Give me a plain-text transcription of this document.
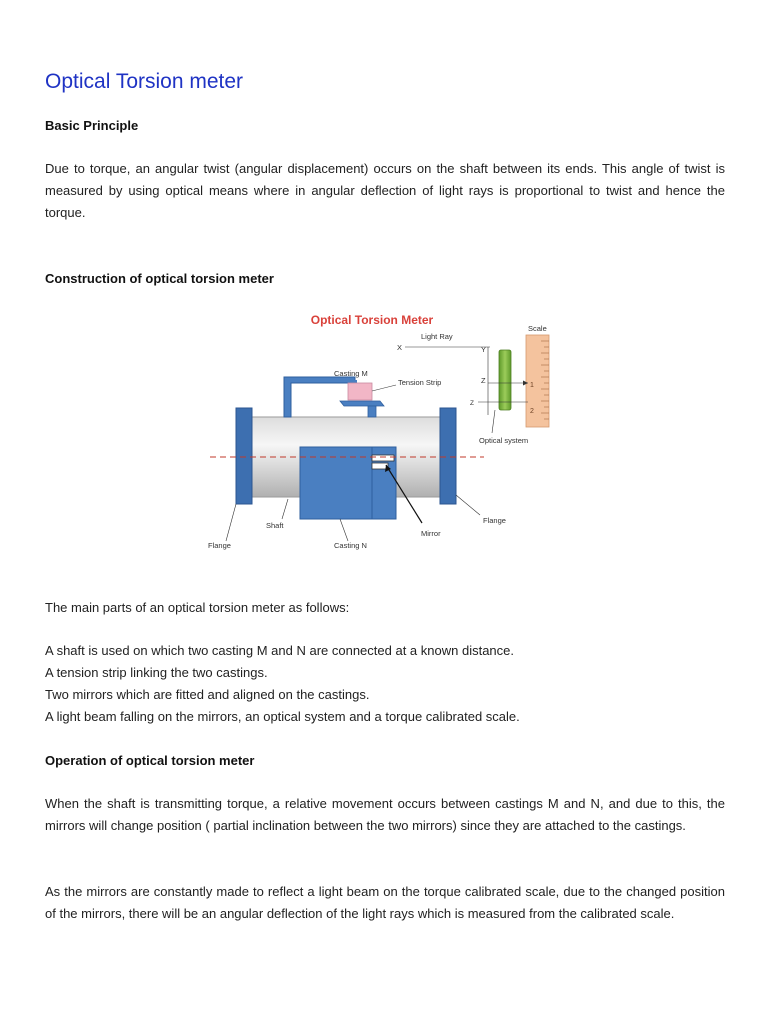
Optical Torsion meter
Basic Principle

Due to torque, an angular twist (angular displacement) occurs on the shaft between its ends. This angle of twist is measured by using optical means where in angular deflection of light rays is proportional to twist and hence the torque.

Construction of optical torsion meter
Optical Torsion Meter
1
2
Light Ray
X	Y
Z
Z
Scale
Casting M
Tension Strip
Optical system
Flange
Shaft
Flange	Casting N
Mirror

The main parts of an optical torsion meter as follows:

A shaft is used on which two casting M and N are connected at a known distance.

A tension strip linking the two castings.

Two mirrors which are fitted and aligned on the castings.

A light beam falling on the mirrors, an optical system and a torque calibrated scale.

Operation of optical torsion meter

When the shaft is transmitting torque, a relative movement occurs between castings M and N, and due to this, the mirrors will change position ( partial inclination between the two mirrors) since they are attached to the castings.

As the mirrors are constantly made to reflect a light beam on the torque calibrated scale, due to the changed position of the mirrors, there will be an angular deflection of the light rays which is measured from the calibrated scale.
